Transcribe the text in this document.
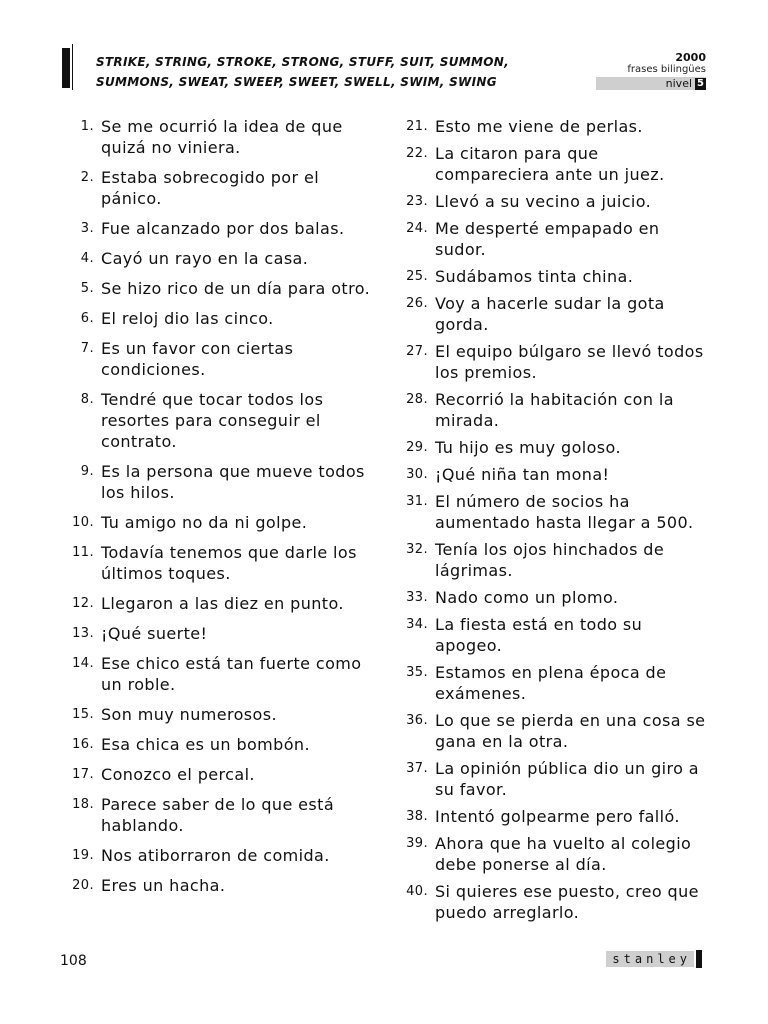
STRIKE, STRING, STROKE, STRONG, STUFF, SUIT, SUMMON,
SUMMONS, SWEAT, SWEEP, SWEET, SWELL, SWIM, SWING
2000
frases bilingües
nivel 5
1. Se me ocurrió la idea de que quizá no viniera.
2. Estaba sobrecogido por el pánico.
3. Fue alcanzado por dos balas.
4. Cayó un rayo en la casa.
5. Se hizo rico de un día para otro.
6. El reloj dio las cinco.
7. Es un favor con ciertas condiciones.
8. Tendré que tocar todos los resortes para conseguir el contrato.
9. Es la persona que mueve todos los hilos.
10. Tu amigo no da ni golpe.
11. Todavía tenemos que darle los últimos toques.
12. Llegaron a las diez en punto.
13. ¡Qué suerte!
14. Ese chico está tan fuerte como un roble.
15. Son muy numerosos.
16. Esa chica es un bombón.
17. Conozco el percal.
18. Parece saber de lo que está hablando.
19. Nos atiborraron de comida.
20. Eres un hacha.
21. Esto me viene de perlas.
22. La citaron para que compareciera ante un juez.
23. Llevó a su vecino a juicio.
24. Me desperté empapado en sudor.
25. Sudábamos tinta china.
26. Voy a hacerle sudar la gota gorda.
27. El equipo búlgaro se llevó todos los premios.
28. Recorrió la habitación con la mirada.
29. Tu hijo es muy goloso.
30. ¡Qué niña tan mona!
31. El número de socios ha aumentado hasta llegar a 500.
32. Tenía los ojos hinchados de lágrimas.
33. Nado como un plomo.
34. La fiesta está en todo su apogeo.
35. Estamos en plena época de exámenes.
36. Lo que se pierda en una cosa se gana en la otra.
37. La opinión pública dio un giro a su favor.
38. Intentó golpearme pero falló.
39. Ahora que ha vuelto al colegio debe ponerse al día.
40. Si quieres ese puesto, creo que puedo arreglarlo.
108	stanley
